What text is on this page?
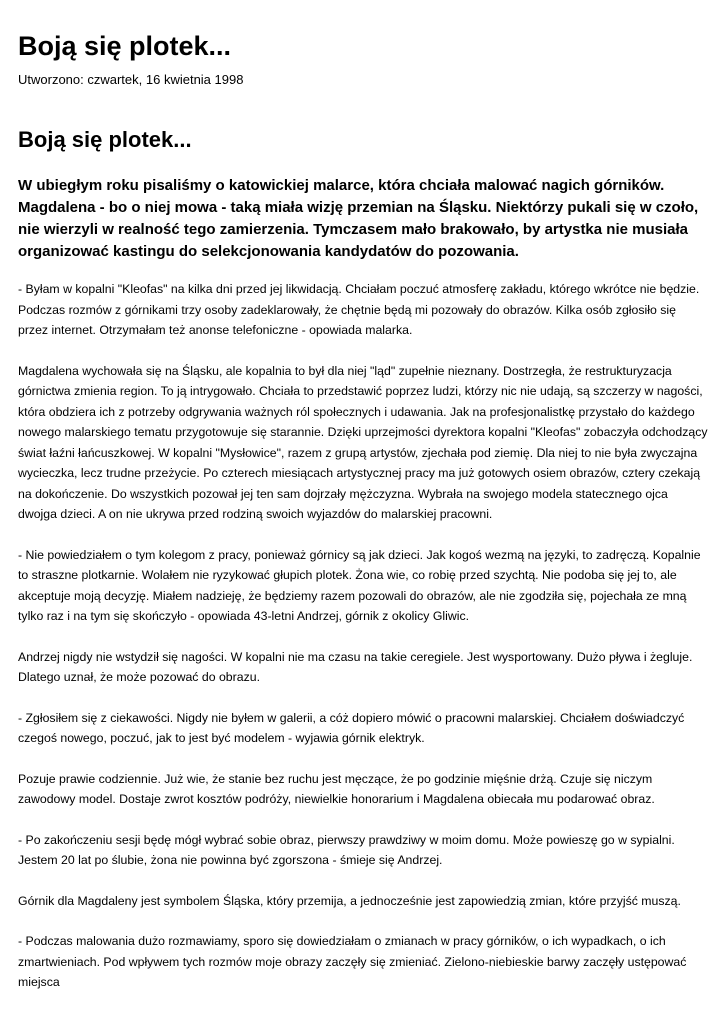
Boją się plotek...

Utworzono: czwartek, 16 kwietnia 1998

Boją się plotek...

W ubiegłym roku pisaliśmy o katowickiej malarce, która chciała malować nagich górników. Magdalena - bo o niej mowa - taką miała wizję przemian na Śląsku. Niektórzy pukali się w czoło, nie wierzyli w realność tego zamierzenia. Tymczasem mało brakowało, by artystka nie musiała organizować kastingu do selekcjonowania kandydatów do pozowania.

- Byłam w kopalni "Kleofas" na kilka dni przed jej likwidacją. Chciałam poczuć atmosferę zakładu, którego wkrótce nie będzie. Podczas rozmów z górnikami trzy osoby zadeklarowały, że chętnie będą mi pozowały do obrazów. Kilka osób zgłosiło się przez internet. Otrzymałam też anonse telefoniczne - opowiada malarka.

Magdalena wychowała się na Śląsku, ale kopalnia to był dla niej "ląd" zupełnie nieznany. Dostrzegła, że restrukturyzacja górnictwa zmienia region. To ją intrygowało. Chciała to przedstawić poprzez ludzi, którzy nic nie udają, są szczerzy w nagości, która obdziera ich z potrzeby odgrywania ważnych ról społecznych i udawania. Jak na profesjonalistkę przystało do każdego nowego malarskiego tematu przygotowuje się starannie. Dzięki uprzejmości dyrektora kopalni "Kleofas" zobaczyła odchodzący świat łaźni łańcuszkowej. W kopalni "Mysłowice", razem z grupą artystów, zjechała pod ziemię. Dla niej to nie była zwyczajna wycieczka, lecz trudne przeżycie. Po czterech miesiącach artystycznej pracy ma już gotowych osiem obrazów, cztery czekają na dokończenie. Do wszystkich pozował jej ten sam dojrzały mężczyzna. Wybrała na swojego modela statecznego ojca dwojga dzieci. A on nie ukrywa przed rodziną swoich wyjazdów do malarskiej pracowni.

- Nie powiedziałem o tym kolegom z pracy, ponieważ górnicy są jak dzieci. Jak kogoś wezmą na języki, to zadręczą. Kopalnie to straszne plotkarnie. Wolałem nie ryzykować głupich plotek. Żona wie, co robię przed szychtą. Nie podoba się jej to, ale akceptuje moją decyzję. Miałem nadzieję, że będziemy razem pozowali do obrazów, ale nie zgodziła się, pojechała ze mną tylko raz i na tym się skończyło - opowiada 43-letni Andrzej, górnik z okolicy Gliwic.

Andrzej nigdy nie wstydził się nagości. W kopalni nie ma czasu na takie ceregiele. Jest wysportowany. Dużo pływa i żegluje. Dlatego uznał, że może pozować do obrazu.

- Zgłosiłem się z ciekawości. Nigdy nie byłem w galerii, a cóż dopiero mówić o pracowni malarskiej. Chciałem doświadczyć czegoś nowego, poczuć, jak to jest być modelem - wyjawia górnik elektryk.

Pozuje prawie codziennie. Już wie, że stanie bez ruchu jest męczące, że po godzinie mięśnie drżą. Czuje się niczym zawodowy model. Dostaje zwrot kosztów podróży, niewielkie honorarium i Magdalena obiecała mu podarować obraz.

- Po zakończeniu sesji będę mógł wybrać sobie obraz, pierwszy prawdziwy w moim domu. Może powieszę go w sypialni. Jestem 20 lat po ślubie, żona nie powinna być zgorszona - śmieje się Andrzej.

Górnik dla Magdaleny jest symbolem Śląska, który przemija, a jednocześnie jest zapowiedzią zmian, które przyjść muszą.

- Podczas malowania dużo rozmawiamy, sporo się dowiedziałam o zmianach w pracy górników, o ich wypadkach, o ich zmartwieniach. Pod wpływem tych rozmów moje obrazy zaczęły się zmieniać. Zielono-niebieskie barwy zaczęły ustępować miejsca
